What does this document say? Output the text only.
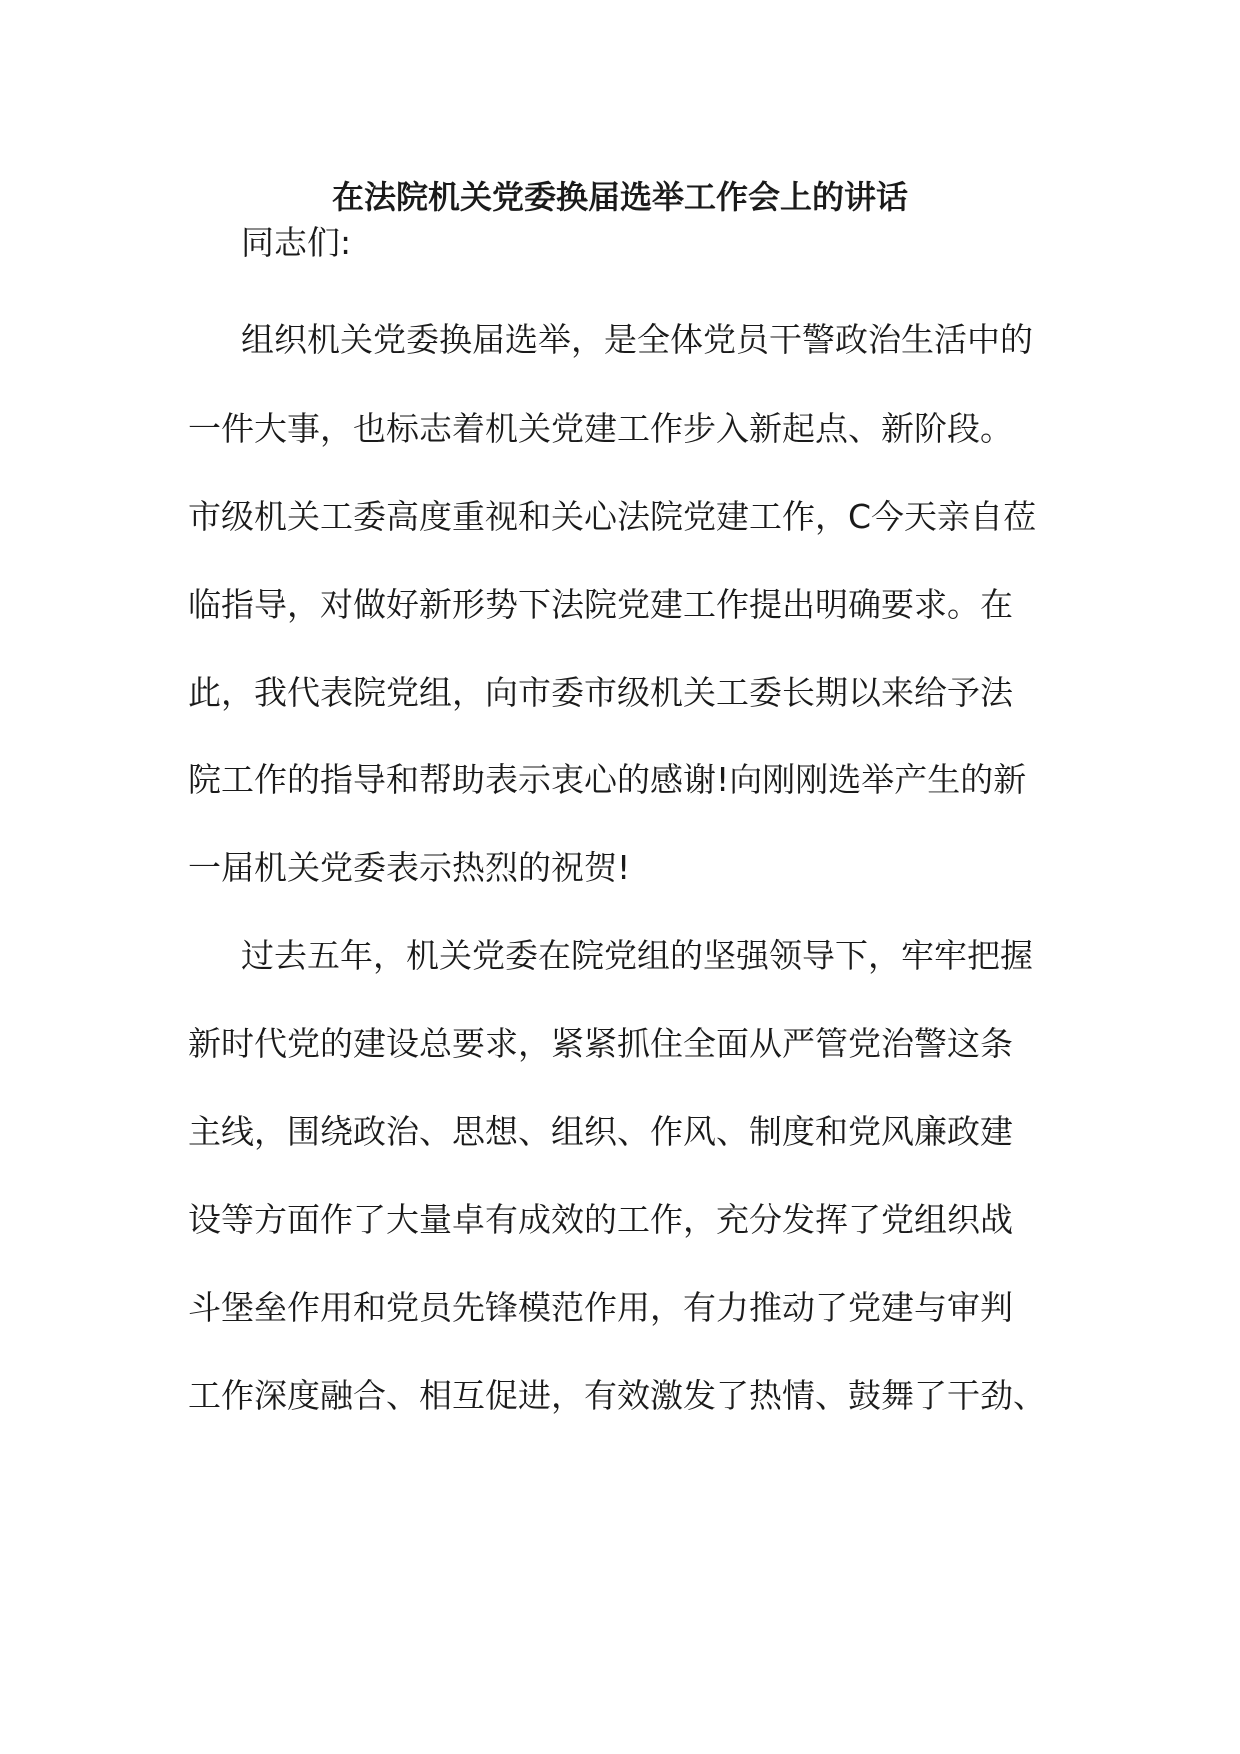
在法院机关党委换届选举工作会上的讲话
同志们:
组织机关党委换届选举，是全体党员干警政治生活中的
一件大事，也标志着机关党建工作步入新起点、新阶段。
市级机关工委高度重视和关心法院党建工作，C今天亲自莅
临指导，对做好新形势下法院党建工作提出明确要求。在
此，我代表院党组，向市委市级机关工委长期以来给予法
院工作的指导和帮助表示衷心的感谢!向刚刚选举产生的新
一届机关党委表示热烈的祝贺!
过去五年，机关党委在院党组的坚强领导下，牢牢把握
新时代党的建设总要求，紧紧抓住全面从严管党治警这条
主线，围绕政治、思想、组织、作风、制度和党风廉政建
设等方面作了大量卓有成效的工作，充分发挥了党组织战
斗堡垒作用和党员先锋模范作用，有力推动了党建与审判
工作深度融合、相互促进，有效激发了热情、鼓舞了干劲、
